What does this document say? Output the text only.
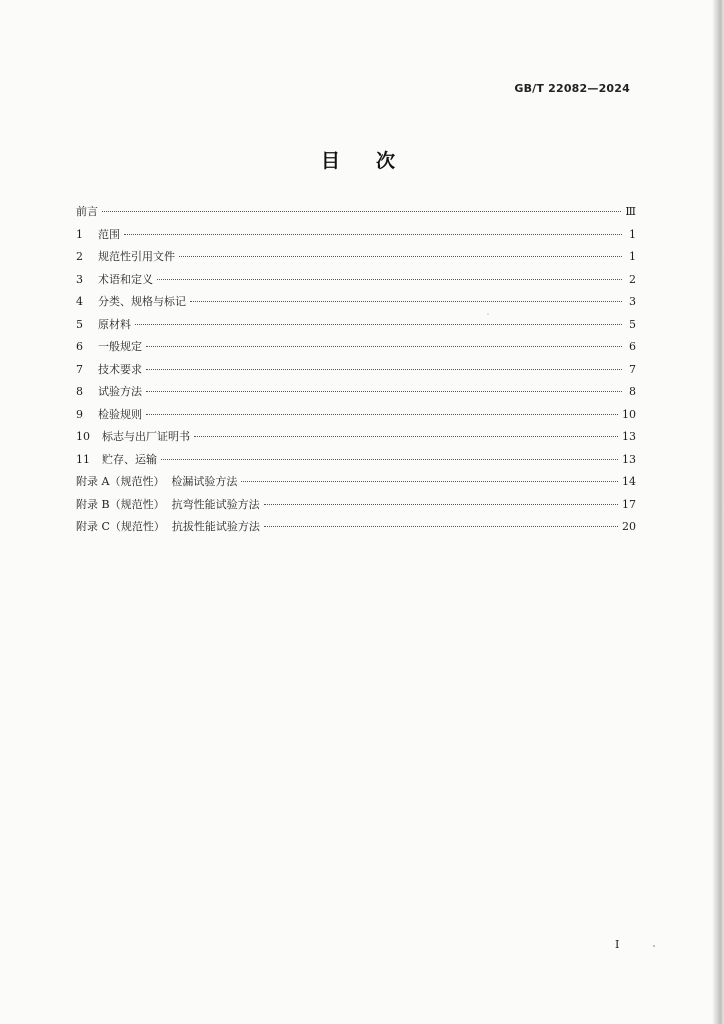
GB/T 22082—2024
目次
前言	Ⅲ
1	范围	1
2	规范性引用文件	1
3	术语和定义	2
4	分类、规格与标记	3
5	原材料	5
6	一般规定	6
7	技术要求	7
8	试验方法	8
9	检验规则	10
10	标志与出厂证明书	13
11	贮存、运输	13
附录 A（规范性）  检漏试验方法	14
附录 B（规范性）  抗弯性能试验方法	17
附录 C（规范性）  抗拔性能试验方法	20
I
